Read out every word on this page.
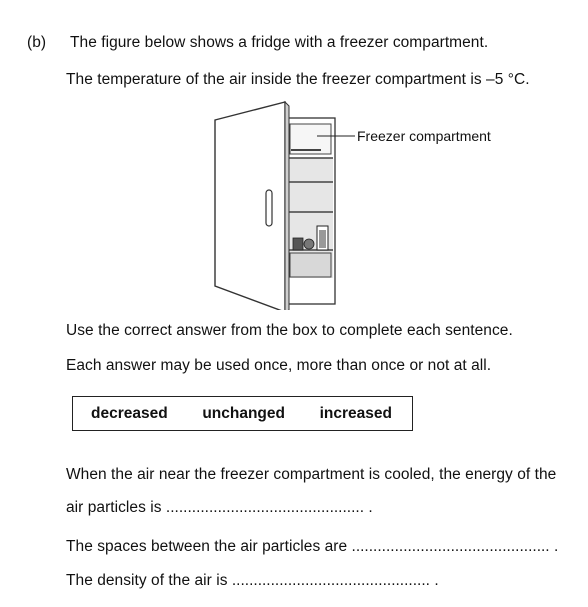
(b) The figure below shows a fridge with a freezer compartment.
The temperature of the air inside the freezer compartment is –5 °C.
Freezer compartment
Use the correct answer from the box to complete each sentence.
Each answer may be used once, more than once or not at all.
decreased unchanged increased
When the air near the freezer compartment is cooled, the energy of the
air particles is .............................................. .
The spaces between the air particles are .............................................. .
The density of the air is .............................................. .
